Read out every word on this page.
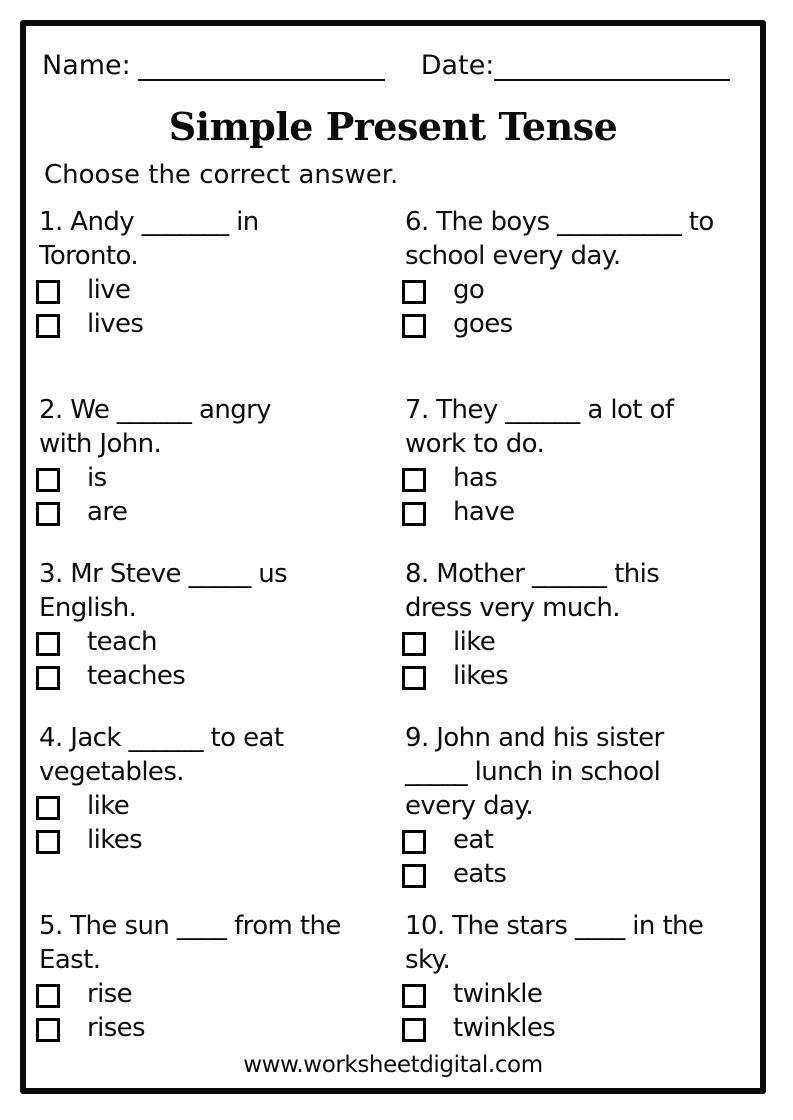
Name:	Date:
Simple Present Tense
Choose the correct answer.
1. Andy _______ in
Toronto.
live
lives
6. The boys __________ to
school every day.
go
goes
2. We ______ angry
with John.
is
are
7. They ______ a lot of
work to do.
has
have
3. Mr Steve _____ us
English.
teach
teaches
8. Mother ______ this
dress very much.
like
likes
4. Jack ______ to eat
vegetables.
like
likes
9. John and his sister
_____ lunch in school
every day.
eat
eats
5. The sun ____ from the
East.
rise
rises
10. The stars ____ in the
sky.
twinkle
twinkles
www.worksheetdigital.com
